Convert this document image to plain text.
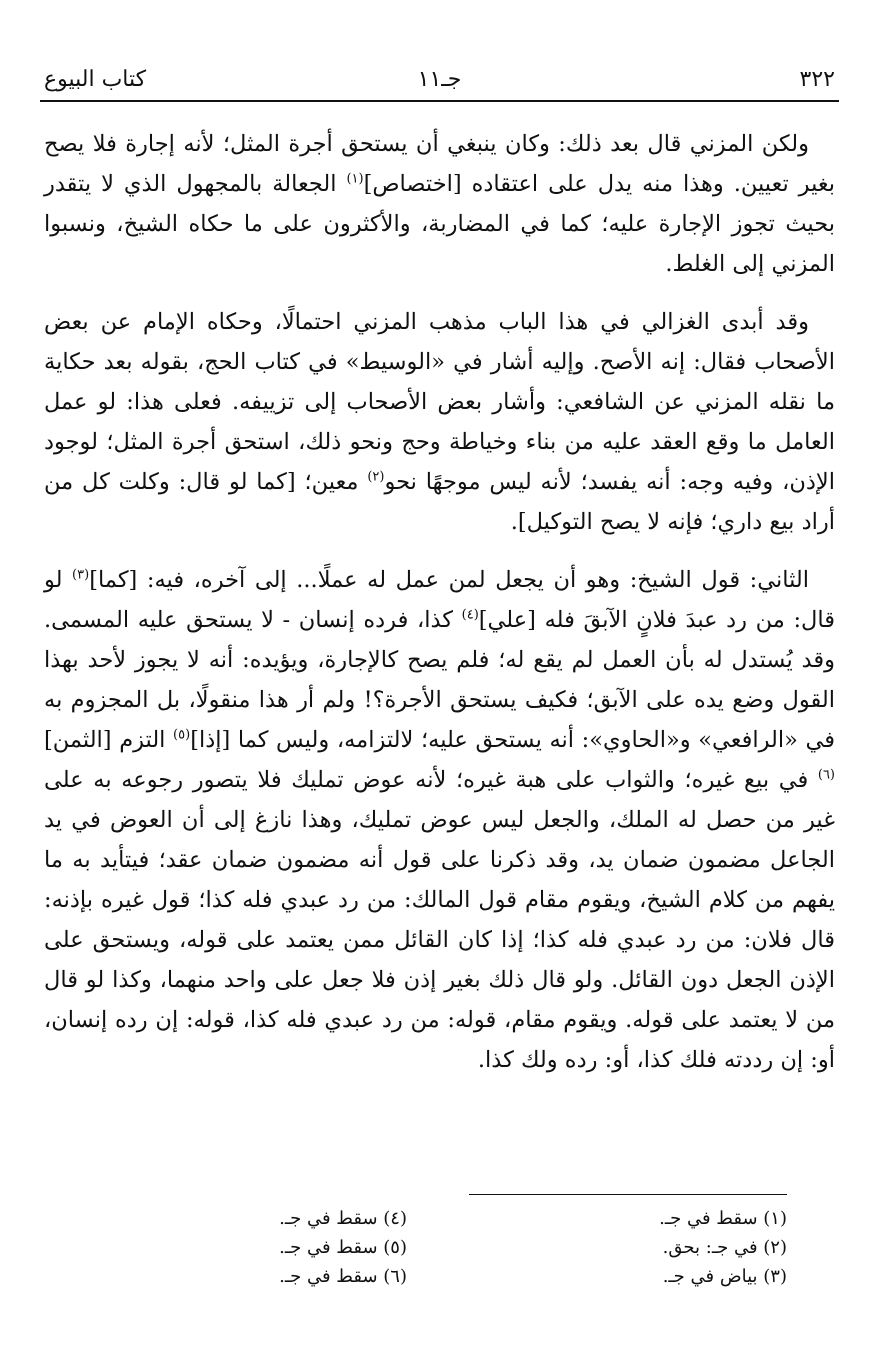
٣٢٢
جـ١١
كتاب البيوع

ولكن المزني قال بعد ذلك: وكان ينبغي أن يستحق أجرة المثل؛ لأنه إجارة فلا يصح بغير تعيين. وهذا منه يدل على اعتقاده [اختصاص]$^{(١)}$ الجعالة بالمجهول الذي لا يتقدر بحيث تجوز الإجارة عليه؛ كما في المضاربة، والأكثرون على ما حكاه الشيخ، ونسبوا المزني إلى الغلط.

وقد أبدى الغزالي في هذا الباب مذهب المزني احتمالًا، وحكاه الإمام عن بعض الأصحاب فقال: إنه الأصح. وإليه أشار في «الوسيط» في كتاب الحج، بقوله بعد حكاية ما نقله المزني عن الشافعي: وأشار بعض الأصحاب إلى تزييفه. فعلى هذا: لو عمل العامل ما وقع العقد عليه من بناء وخياطة وحج ونحو ذلك، استحق أجرة المثل؛ لوجود الإذن، وفيه وجه: أنه يفسد؛ لأنه ليس موجهًا نحو$^{(٢)}$ معين؛ [كما لو قال: وكلت كل من أراد بيع داري؛ فإنه لا يصح التوكيل].

الثاني: قول الشيخ: وهو أن يجعل لمن عمل له عملًا... إلى آخره، فيه: [كما]$^{(٣)}$ لو قال: من رد عبدَ فلانٍ الآبقَ فله [علي]$^{(٤)}$ كذا، فرده إنسان - لا يستحق عليه المسمى. وقد يُستدل له بأن العمل لم يقع له؛ فلم يصح كالإجارة، ويؤيده: أنه لا يجوز لأحد بهذا القول وضع يده على الآبق؛ فكيف يستحق الأجرة؟! ولم أر هذا منقولًا، بل المجزوم به في «الرافعي» و«الحاوي»: أنه يستحق عليه؛ لالتزامه، وليس كما [إذا]$^{(٥)}$ التزم [الثمن]$^{(٦)}$ في بيع غيره؛ والثواب على هبة غيره؛ لأنه عوض تمليك فلا يتصور رجوعه به على غير من حصل له الملك، والجعل ليس عوض تمليك، وهذا نازغ إلى أن العوض في يد الجاعل مضمون ضمان يد، وقد ذكرنا على قول أنه مضمون ضمان عقد؛ فيتأيد به ما يفهم من كلام الشيخ، ويقوم مقام قول المالك: من رد عبدي فله كذا؛ قول غيره بإذنه: قال فلان: من رد عبدي فله كذا؛ إذا كان القائل ممن يعتمد على قوله، ويستحق على الإذن الجعل دون القائل. ولو قال ذلك بغير إذن فلا جعل على واحد منهما، وكذا لو قال من لا يعتمد على قوله. ويقوم مقام، قوله: من رد عبدي فله كذا، قوله: إن رده إنسان، أو: إن رددته فلك كذا، أو: رده ولك كذا.

(١) سقط في جـ.
(٢) في جـ: بحق.
(٣) بياض في جـ.
(٤) سقط في جـ.
(٥) سقط في جـ.
(٦) سقط في جـ.
